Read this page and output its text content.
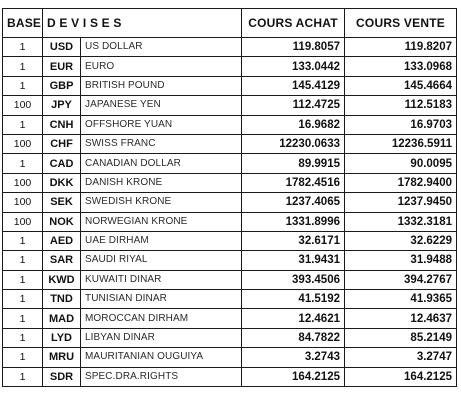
BASE	D E V I S E S		COURS ACHAT	COURS VENTE
1	USD	US DOLLAR	119.8057	119.8207
1	EUR	EURO	133.0442	133.0968
1	GBP	BRITISH POUND	145.4129	145.4664
100	JPY	JAPANESE YEN	112.4725	112.5183
1	CNH	OFFSHORE YUAN	16.9682	16.9703
100	CHF	SWISS FRANC	12230.0633	12236.5911
1	CAD	CANADIAN DOLLAR	89.9915	90.0095
100	DKK	DANISH KRONE	1782.4516	1782.9400
100	SEK	SWEDISH KRONE	1237.4065	1237.9450
100	NOK	NORWEGIAN KRONE	1331.8996	1332.3181
1	AED	UAE DIRHAM	32.6171	32.6229
1	SAR	SAUDI RIYAL	31.9431	31.9488
1	KWD	KUWAITI DINAR	393.4506	394.2767
1	TND	TUNISIAN DINAR	41.5192	41.9365
1	MAD	MOROCCAN DIRHAM	12.4621	12.4637
1	LYD	LIBYAN DINAR	84.7822	85.2149
1	MRU	MAURITANIAN OUGUIYA	3.2743	3.2747
1	SDR	SPEC.DRA.RIGHTS	164.2125	164.2125
